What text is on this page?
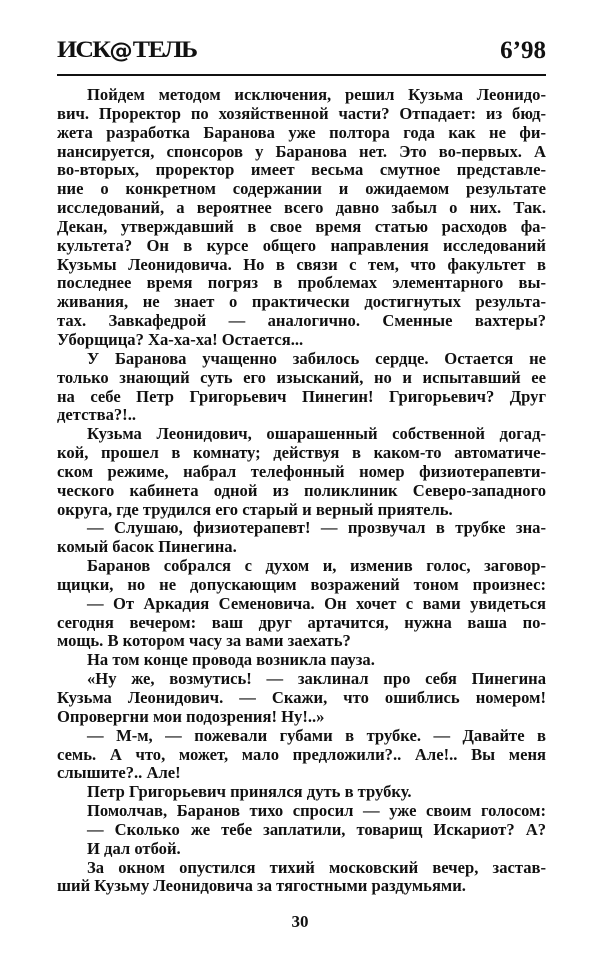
ИСК@ТЕЛЬ	6’98
Пойдем методом исключения, решил Кузьма Леонидо-
вич. Проректор по хозяйственной части? Отпадает: из бюд-
жета разработка Баранова уже полтора года как не фи-
нансируется, спонсоров у Баранова нет. Это во-первых. А
во-вторых, проректор имеет весьма смутное представле-
ние о конкретном содержании и ожидаемом результате
исследований, а вероятнее всего давно забыл о них. Так.
Декан, утверждавший в свое время статью расходов фа-
культета? Он в курсе общего направления исследований
Кузьмы Леонидовича. Но в связи с тем, что факультет в
последнее время погряз в проблемах элементарного вы-
живания, не знает о практически достигнутых результа-
тах. Завкафедрой — аналогично. Сменные вахтеры?
Уборщица? Ха-ха-ха! Остается...
У Баранова учащенно забилось сердце. Остается не
только знающий суть его изысканий, но и испытавший ее
на себе Петр Григорьевич Пинегин! Григорьевич? Друг
детства?!..
Кузьма Леонидович, ошарашенный собственной догад-
кой, прошел в комнату; действуя в каком-то автоматиче-
ском режиме, набрал телефонный номер физиотерапевти-
ческого кабинета одной из поликлиник Северо-западного
округа, где трудился его старый и верный приятель.
— Слушаю, физиотерапевт! — прозвучал в трубке зна-
комый басок Пинегина.
Баранов собрался с духом и, изменив голос, заговор-
щицки, но не допускающим возражений тоном произнес:
— От Аркадия Семеновича. Он хочет с вами увидеться
сегодня вечером: ваш друг артачится, нужна ваша по-
мощь. В котором часу за вами заехать?
На том конце провода возникла пауза.
«Ну же, возмутись! — заклинал про себя Пинегина
Кузьма Леонидович. — Скажи, что ошиблись номером!
Опровергни мои подозрения! Ну!..»
— М-м, — пожевали губами в трубке. — Давайте в
семь. А что, может, мало предложили?.. Але!.. Вы меня
слышите?.. Але!
Петр Григорьевич принялся дуть в трубку.
Помолчав, Баранов тихо спросил — уже своим голосом:
— Сколько же тебе заплатили, товарищ Искариот? А?
И дал отбой.
За окном опустился тихий московский вечер, застав-
ший Кузьму Леонидовича за тягостными раздумьями.
30
